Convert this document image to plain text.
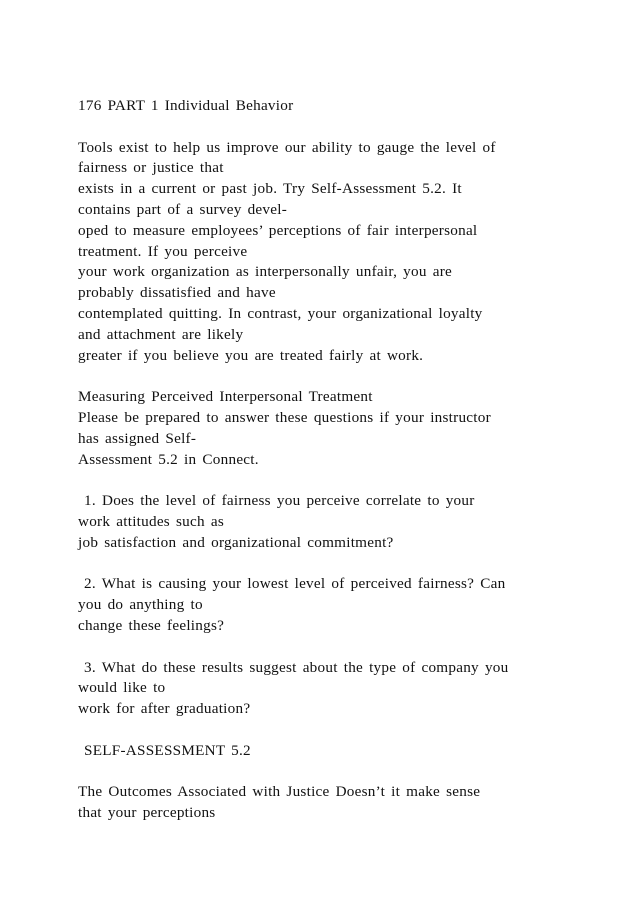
176 PART 1 Individual Behavior
Tools exist to help us improve our ability to gauge the level of
fairness or justice that
exists in a current or past job. Try Self-Assessment 5.2. It
contains part of a survey devel-
oped to measure employees’ perceptions of fair interpersonal
treatment. If you perceive
your work organization as interpersonally unfair, you are
probably dissatisfied and have
contemplated quitting. In contrast, your organizational loyalty
and attachment are likely
greater if you believe you are treated fairly at work.
Measuring Perceived Interpersonal Treatment
Please be prepared to answer these questions if your instructor
has assigned Self-
Assessment 5.2 in Connect.
1. Does the level of fairness you perceive correlate to your
work attitudes such as
job satisfaction and organizational commitment?
2. What is causing your lowest level of perceived fairness? Can
you do anything to
change these feelings?
3. What do these results suggest about the type of company you
would like to
work for after graduation?
SELF-ASSESSMENT 5.2
The Outcomes Associated with Justice Doesn’t it make sense
that your perceptions
